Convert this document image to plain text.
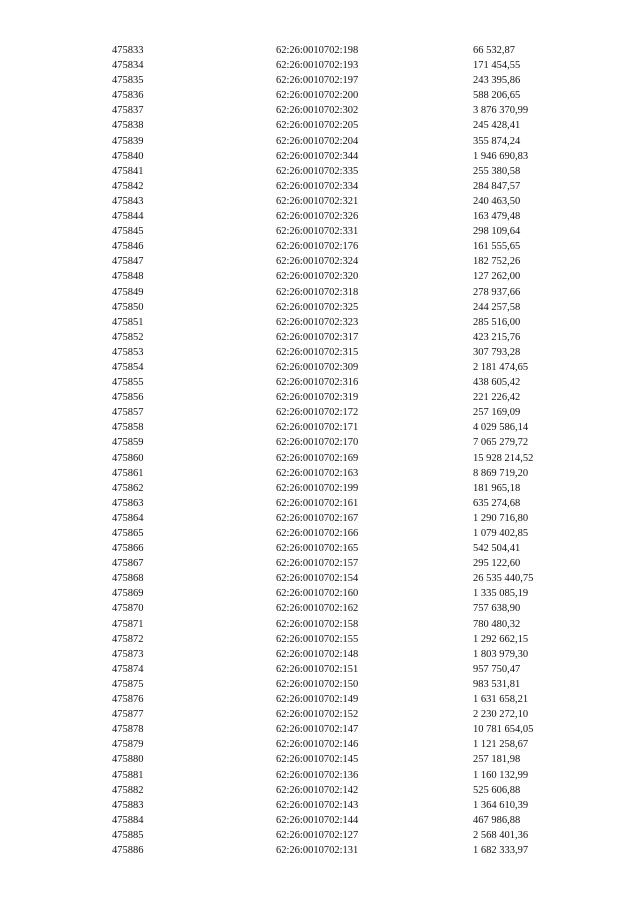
475833	62:26:0010702:198	66 532,87
475834	62:26:0010702:193	171 454,55
475835	62:26:0010702:197	243 395,86
475836	62:26:0010702:200	588 206,65
475837	62:26:0010702:302	3 876 370,99
475838	62:26:0010702:205	245 428,41
475839	62:26:0010702:204	355 874,24
475840	62:26:0010702:344	1 946 690,83
475841	62:26:0010702:335	255 380,58
475842	62:26:0010702:334	284 847,57
475843	62:26:0010702:321	240 463,50
475844	62:26:0010702:326	163 479,48
475845	62:26:0010702:331	298 109,64
475846	62:26:0010702:176	161 555,65
475847	62:26:0010702:324	182 752,26
475848	62:26:0010702:320	127 262,00
475849	62:26:0010702:318	278 937,66
475850	62:26:0010702:325	244 257,58
475851	62:26:0010702:323	285 516,00
475852	62:26:0010702:317	423 215,76
475853	62:26:0010702:315	307 793,28
475854	62:26:0010702:309	2 181 474,65
475855	62:26:0010702:316	438 605,42
475856	62:26:0010702:319	221 226,42
475857	62:26:0010702:172	257 169,09
475858	62:26:0010702:171	4 029 586,14
475859	62:26:0010702:170	7 065 279,72
475860	62:26:0010702:169	15 928 214,52
475861	62:26:0010702:163	8 869 719,20
475862	62:26:0010702:199	181 965,18
475863	62:26:0010702:161	635 274,68
475864	62:26:0010702:167	1 290 716,80
475865	62:26:0010702:166	1 079 402,85
475866	62:26:0010702:165	542 504,41
475867	62:26:0010702:157	295 122,60
475868	62:26:0010702:154	26 535 440,75
475869	62:26:0010702:160	1 335 085,19
475870	62:26:0010702:162	757 638,90
475871	62:26:0010702:158	780 480,32
475872	62:26:0010702:155	1 292 662,15
475873	62:26:0010702:148	1 803 979,30
475874	62:26:0010702:151	957 750,47
475875	62:26:0010702:150	983 531,81
475876	62:26:0010702:149	1 631 658,21
475877	62:26:0010702:152	2 230 272,10
475878	62:26:0010702:147	10 781 654,05
475879	62:26:0010702:146	1 121 258,67
475880	62:26:0010702:145	257 181,98
475881	62:26:0010702:136	1 160 132,99
475882	62:26:0010702:142	525 606,88
475883	62:26:0010702:143	1 364 610,39
475884	62:26:0010702:144	467 986,88
475885	62:26:0010702:127	2 568 401,36
475886	62:26:0010702:131	1 682 333,97
